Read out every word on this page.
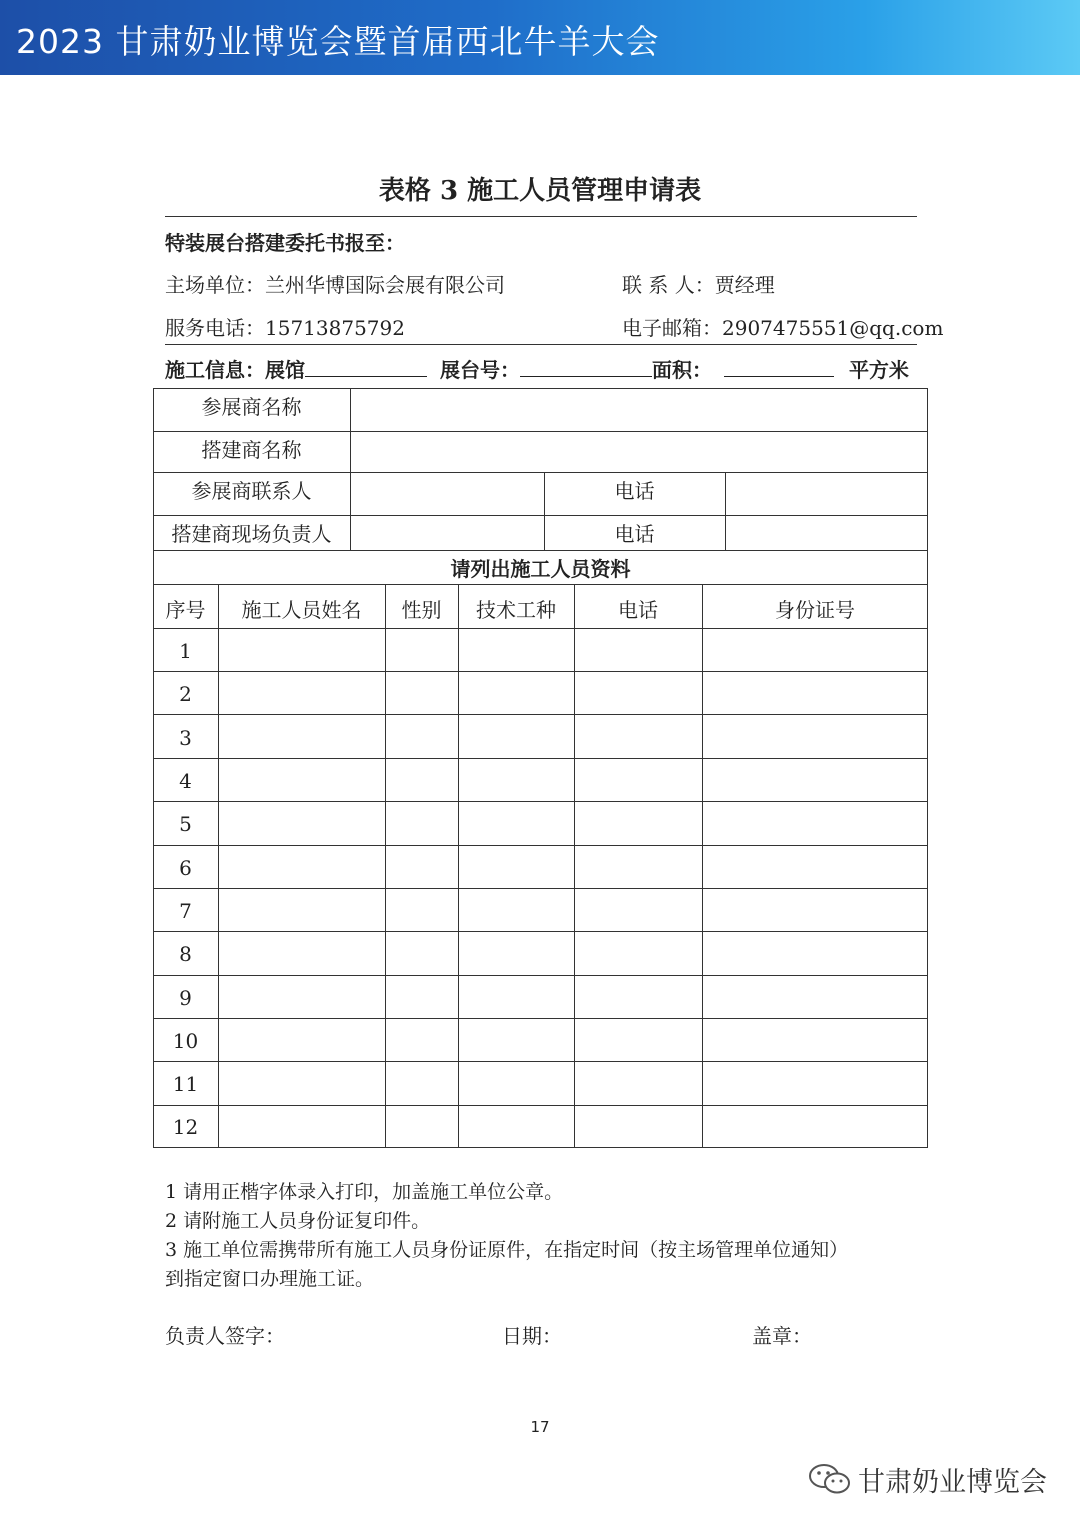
2023 甘肃奶业博览会暨首届西北牛羊大会
表格 3 施工人员管理申请表
特装展台搭建委托书报至：
主场单位：兰州华博国际会展有限公司	联 系 人：贾经理
服务电话：15713875792	电子邮箱：2907475551@qq.com
施工信息：展馆	展台号：	面积：	平方米
参展商名称
搭建商名称
参展商联系人	电话
搭建商现场负责人	电话
请列出施工人员资料
序号	施工人员姓名	性别	技术工种	电话	身份证号
1
2
3
4
5
6
7
8
9
10
11
12
1 请用正楷字体录入打印，加盖施工单位公章。
2 请附施工人员身份证复印件。
3 施工单位需携带所有施工人员身份证原件，在指定时间（按主场管理单位通知）
到指定窗口办理施工证。
负责人签字：	日期：	盖章：
17
甘肃奶业博览会
